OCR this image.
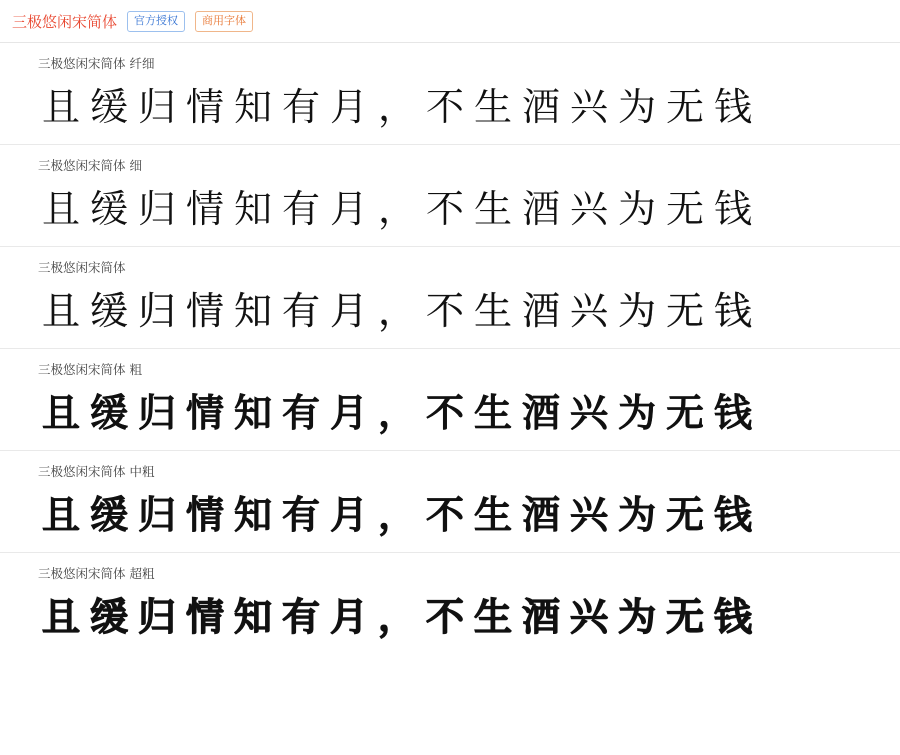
三极悠闲宋简体	官方授权	商用字体
三极悠闲宋简体 纤细
且缓归情知有月，不生酒兴为无钱
三极悠闲宋简体 细
且缓归情知有月，不生酒兴为无钱
三极悠闲宋简体
且缓归情知有月，不生酒兴为无钱
三极悠闲宋简体 粗
且缓归情知有月，不生酒兴为无钱
三极悠闲宋简体 中粗
且缓归情知有月，不生酒兴为无钱
三极悠闲宋简体 超粗
且缓归情知有月，不生酒兴为无钱
